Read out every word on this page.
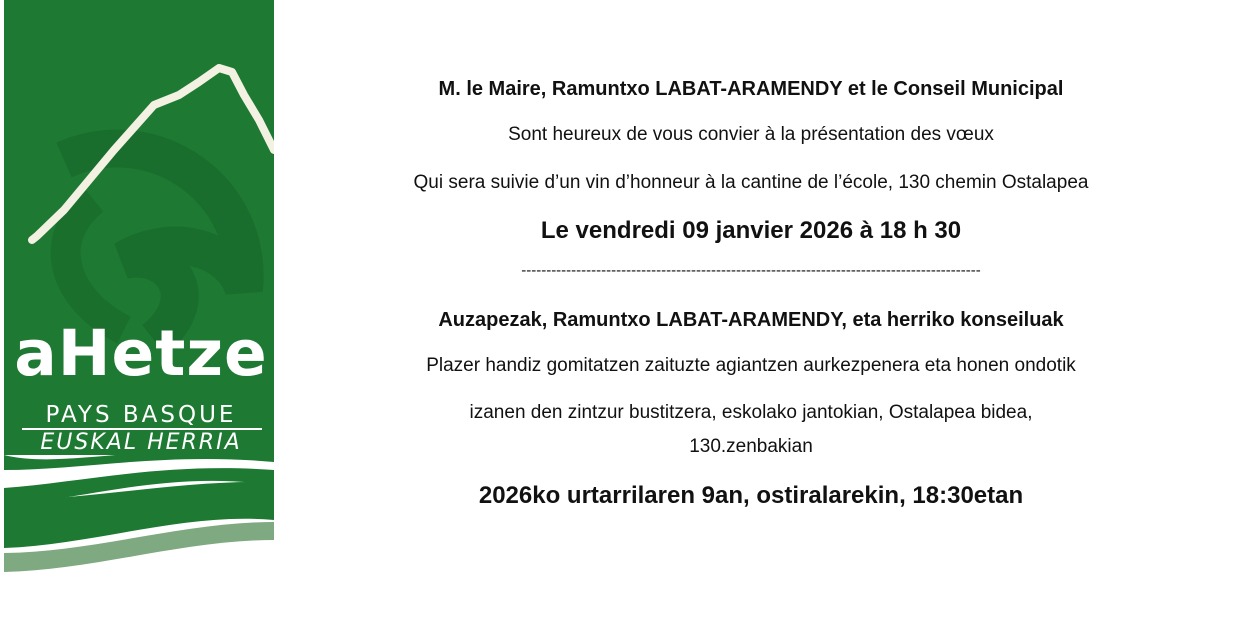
aHetze
PAYS BASQUE
EUSKAL HERRIA
M. le Maire, Ramuntxo LABAT-ARAMENDY et le Conseil Municipal
Sont heureux de vous convier à la présentation des vœux
Qui sera suivie d’un vin d’honneur à la cantine de l’école, 130 chemin Ostalapea
Le vendredi 09 janvier 2026 à 18 h 30
--------------------------------------------------------------------------------------------
Auzapezak, Ramuntxo LABAT-ARAMENDY, eta herriko konseiluak
Plazer handiz gomitatzen zaituzte agiantzen aurkezpenera eta honen ondotik
izanen den zintzur bustitzera, eskolako jantokian, Ostalapea bidea,
130.zenbakian
2026ko urtarrilaren 9an, ostiralarekin, 18:30etan
